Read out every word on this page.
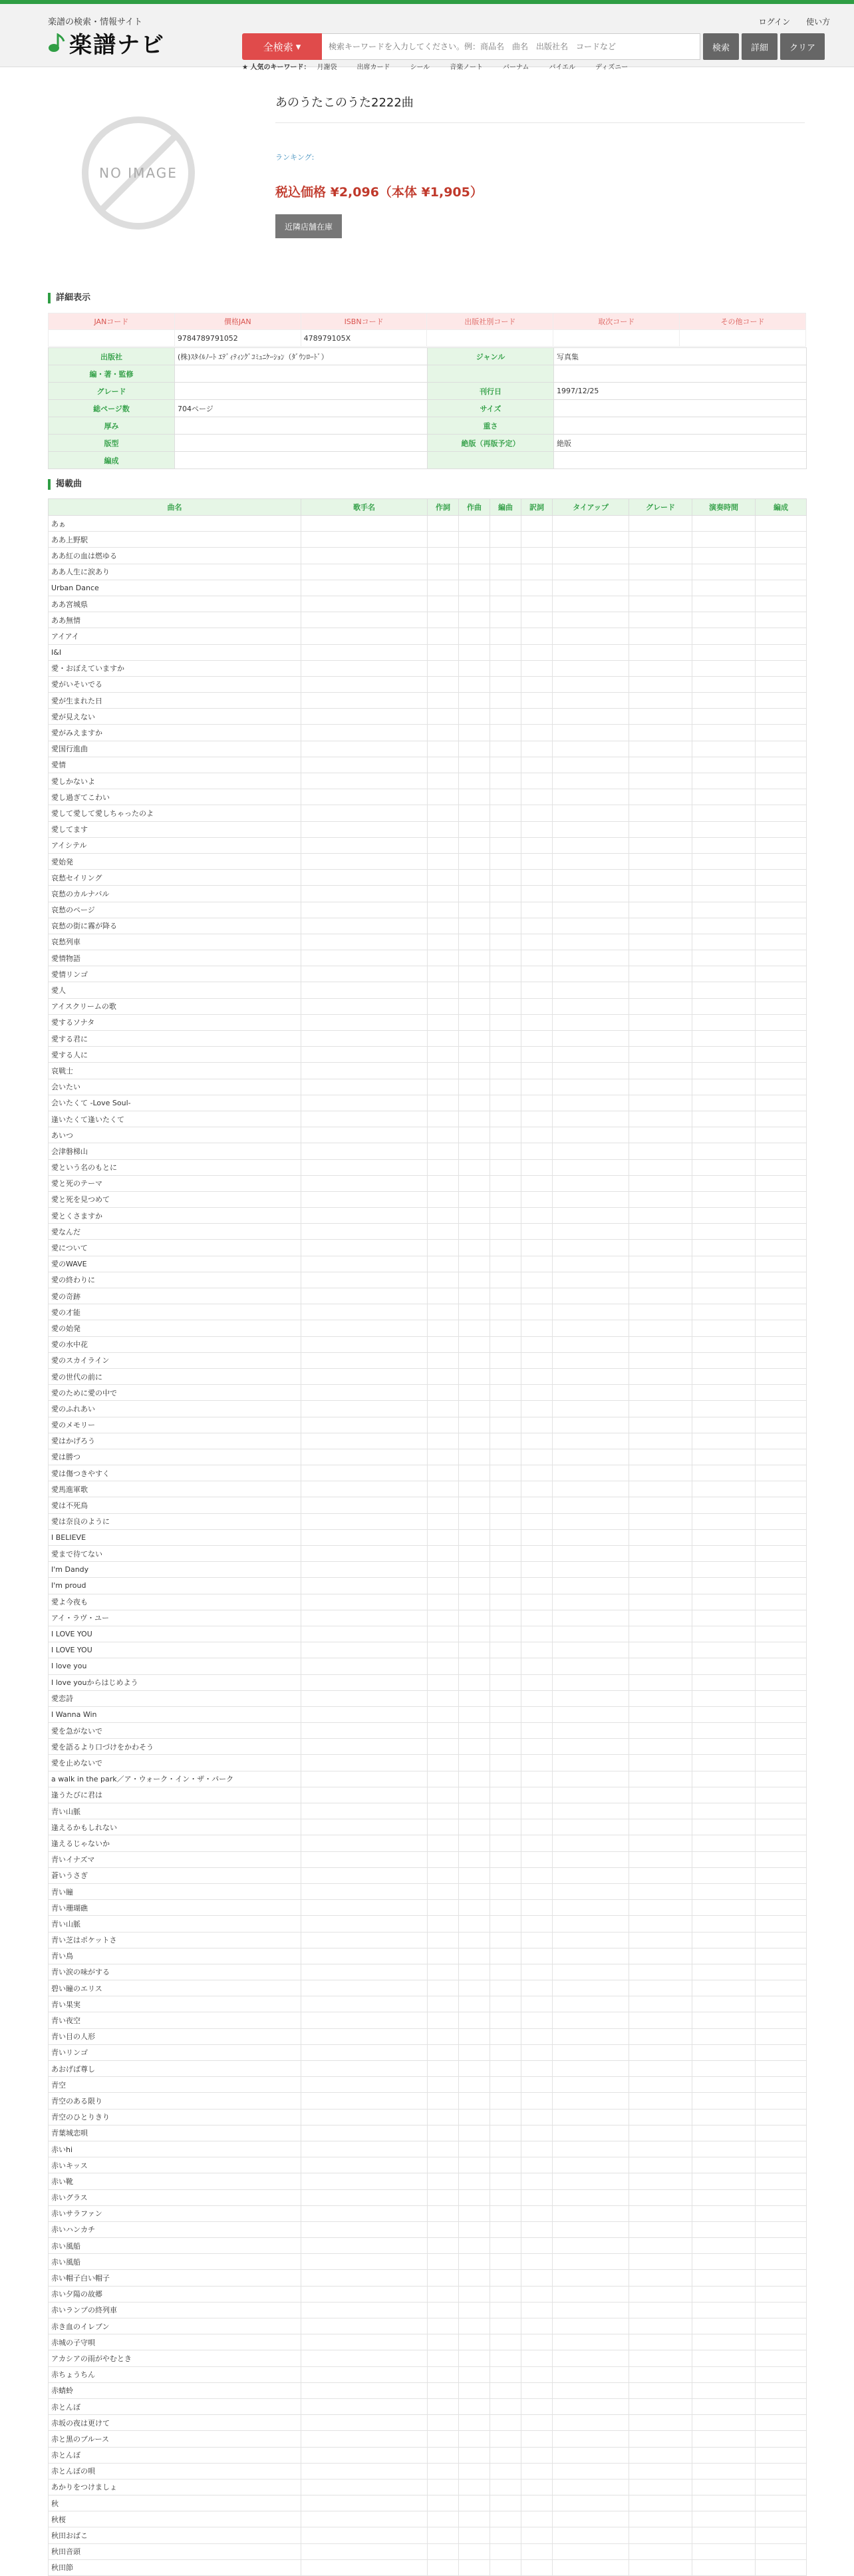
楽譜の検索・情報サイト
楽譜ナビ
ログイン 使い方
全検索 ▾
検索キーワードを入力してください。例：商品名　曲名　出版社名　コードなど	検索	詳細	クリア
★ 人気のキーワード： 月謝袋	出席カード	シール	音楽ノート	バーナム	バイエル	ディズニー
NO IMAGE
あのうたこのうた2222曲
ランキング:
税込価格 ¥2,096（本体 ¥1,905）
近隣店舗在庫
詳細表示
JANコード	價格JAN	ISBNコード	出版社別コード	取次コード	その他コード
	9784789791052	478979105X			
出版社	(株)ｽﾀｲﾙﾉｰﾄ ｴﾃﾞｨﾃｨﾝｸﾞｺﾐｭﾆｹｰｼｮﾝ（ﾀﾞｳﾝﾛｰﾄﾞ）	ジャンル	写真集
編・著・監修			
グレード		刊行日	1997/12/25
総ページ数	704ページ	サイズ	
厚み		重さ	
版型		絶版（再版予定）	絶版
編成			
掲載曲
曲名	歌手名	作詞	作曲	編曲	訳詞	タイアップ	グレード	演奏時間	編成
あぁ									
ああ上野駅									
ああ紅の血は燃ゆる									
ああ人生に涙あり									
Urban Dance									
ああ宮城県									
ああ無情									
アイアイ									
I&I									
愛・おぼえていますか									
愛がいそいでる									
愛が生まれた日									
愛が見えない									
愛がみえますか									
愛国行進曲									
愛情									
愛しかないよ									
愛し過ぎてこわい									
愛して愛して愛しちゃったのよ									
愛してます									
アイシテル									
愛始発									
哀愁セイリング									
哀愁のカルナバル									
哀愁のページ									
哀愁の街に霧が降る									
哀愁列車									
愛情物語									
愛情リンゴ									
愛人									
アイスクリームの歌									
愛するソナタ									
愛する君に									
愛する人に									
哀戦士									
会いたい									
会いたくて -Love Soul-									
逢いたくて逢いたくて									
あいつ									
会津磐梯山									
愛という名のもとに									
愛と死のテーマ									
愛と死を見つめて									
愛とくさますか									
愛なんだ									
愛について									
愛のWAVE									
愛の終わりに									
愛の奇跡									
愛の才能									
愛の始発									
愛の水中花									
愛のスカイライン									
愛の世代の前に									
愛のために愛の中で									
愛のふれあい									
愛のメモリー									
愛はかげろう									
愛は勝つ									
愛は傷つきやすく									
愛馬進軍歌									
愛は不死鳥									
愛は奈良のように									
I BELIEVE									
愛まで待てない									
I'm Dandy									
I'm proud									
愛よ今夜も									
アイ・ラヴ・ユー									
I LOVE YOU									
I LOVE YOU									
I love you									
I love youからはじめよう									
愛恋詩									
I Wanna Win									
愛を急がないで									
愛を語るより口づけをかわそう									
愛を止めないで									
a walk in the park／ア・ウォーク・イン・ザ・パーク									
逢うたびに君は									
青い山脈									
逢えるかもしれない									
逢えるじゃないか									
青いイナズマ									
蒼いうさぎ									
青い瞳									
青い珊瑚礁									
青い山脈									
青い芝はポケットさ									
青い鳥									
青い涙の味がする									
碧い瞳のエリス									
青い果実									
青い夜空									
青い目の人形									
青いリンゴ									
あおげば尊し									
青空									
青空のある限り									
青空のひとりきり									
青葉城恋唄									
赤いhi									
赤いキッス									
赤い靴									
赤いグラス									
赤いサラファン									
赤いハンカチ									
赤い風船									
赤い風船									
赤い帽子白い帽子									
赤い夕陽の故郷									
赤いランプの終列車									
赤き血のイレブン									
赤城の子守唄									
アカシアの雨がやむとき									
赤ちょうちん									
赤蜻蛉									
赤とんぼ									
赤坂の夜は更けて									
赤と黒のブルース									
赤とんぼ									
赤とんぼの唄									
あかりをつけましょ									
秋									
秋桜									
秋田おばこ									
秋田音頭									
秋田節									
